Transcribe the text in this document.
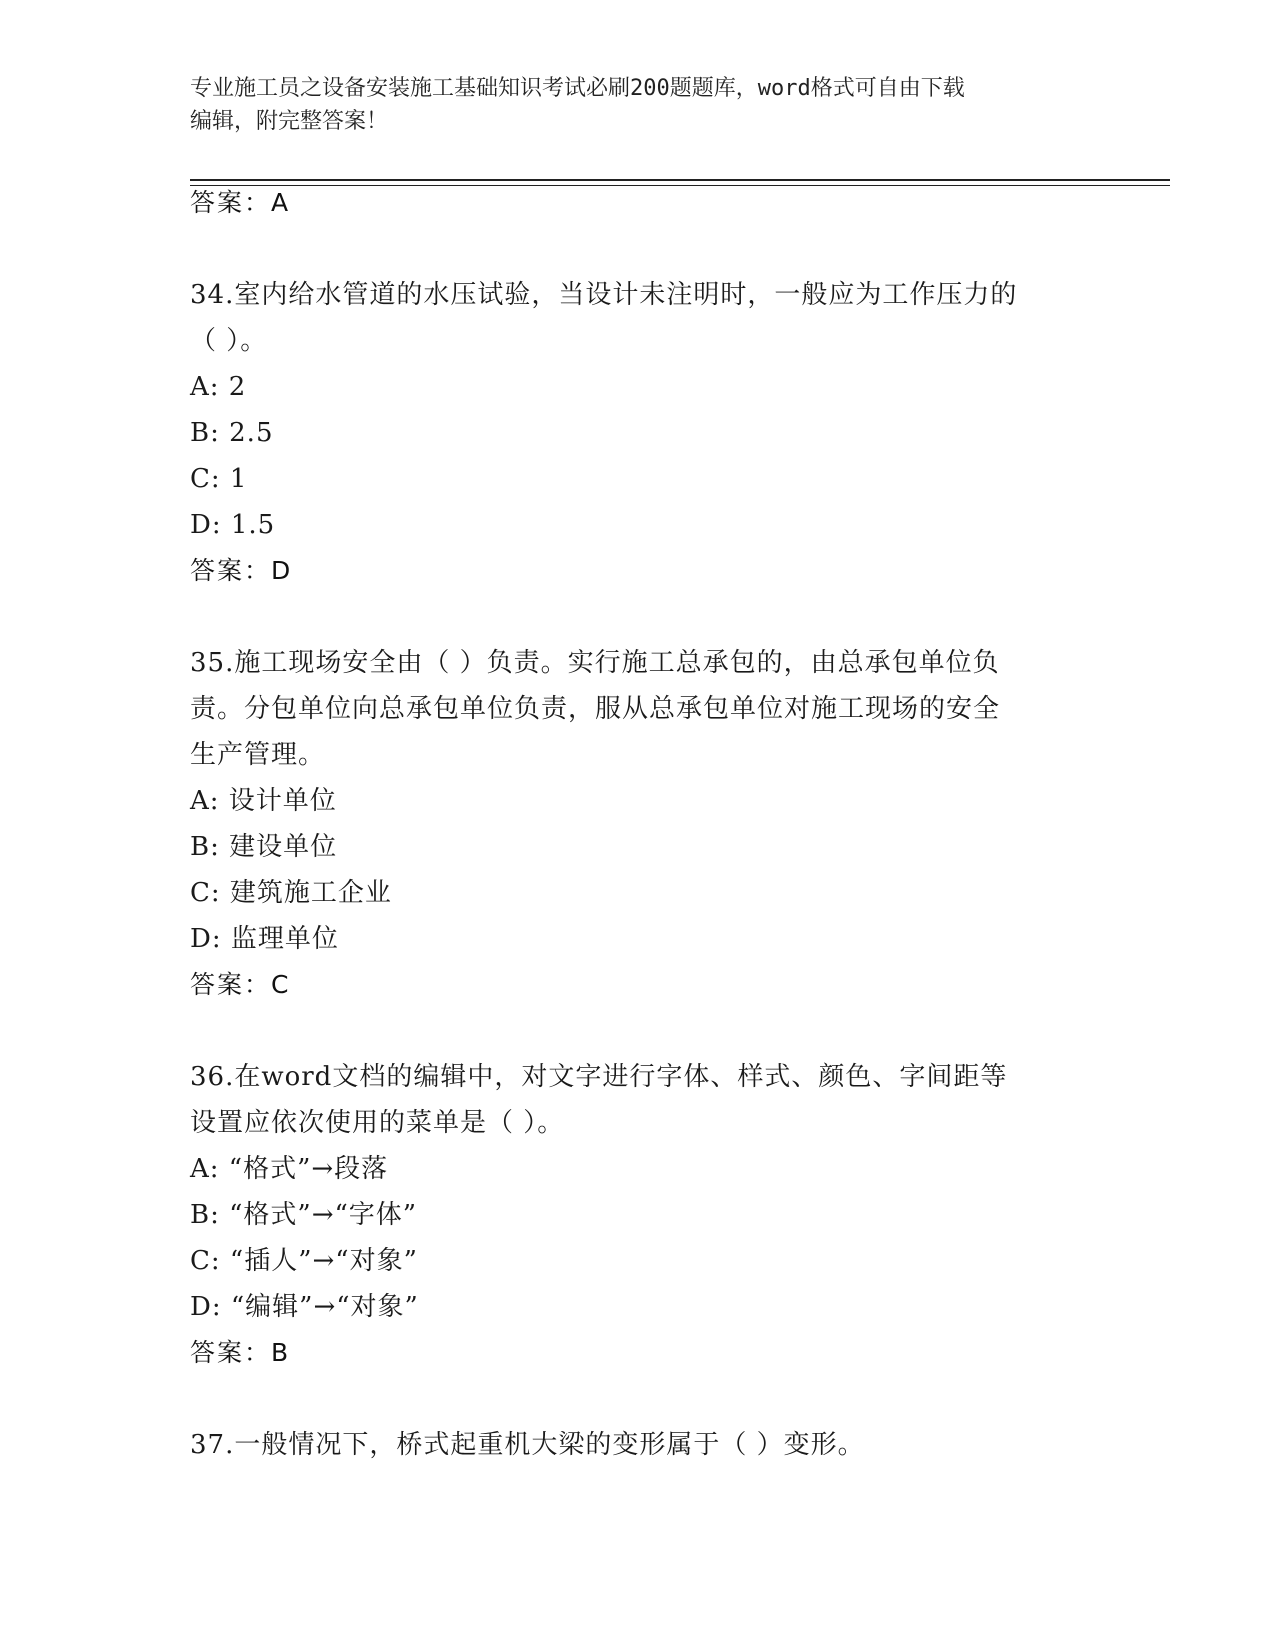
专业施工员之设备安装施工基础知识考试必刷200题题库，word格式可自由下载
编辑，附完整答案！
答案：A
34.室内给水管道的水压试验，当设计未注明时，一般应为工作压力的
（ ）。
A: 2
B: 2.5
C: 1
D: 1.5
答案：D
35.施工现场安全由（ ）负责。实行施工总承包的，由总承包单位负
责。分包单位向总承包单位负责，服从总承包单位对施工现场的安全
生产管理。
A: 设计单位
B: 建设单位
C: 建筑施工企业
D: 监理单位
答案：C
36.在word文档的编辑中，对文字进行字体、样式、颜色、字间距等
设置应依次使用的菜单是（ ）。
A: “格式”→段落
B: “格式”→“字体”
C: “插人”→“对象”
D: “编辑”→“对象”
答案：B
37.一般情况下，桥式起重机大梁的变形属于（ ）变形。
